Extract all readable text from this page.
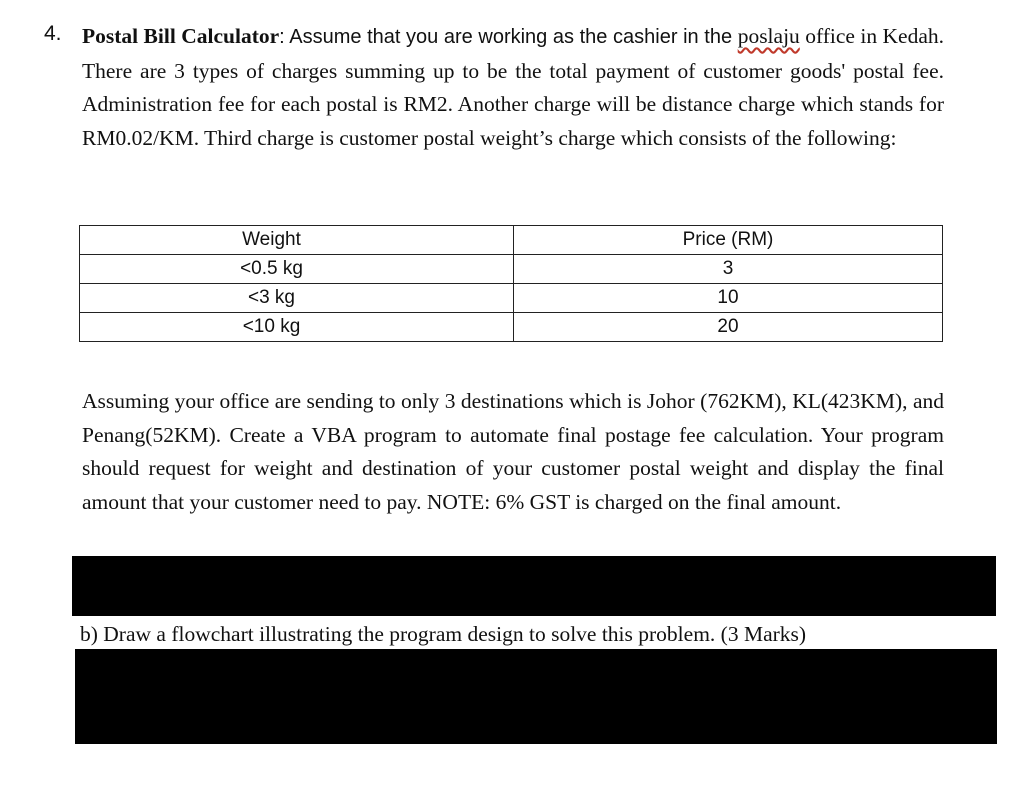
4. Postal Bill Calculator: Assume that you are working as the cashier in the poslaju office in Kedah. There are 3 types of charges summing up to be the total payment of customer goods' postal fee. Administration fee for each postal is RM2. Another charge will be distance charge which stands for RM0.02/KM. Third charge is customer postal weight’s charge which consists of the following:
Weight	Price (RM)
<0.5 kg	3
<3 kg	10
<10 kg	20
Assuming your office are sending to only 3 destinations which is Johor (762KM), KL(423KM), and Penang(52KM). Create a VBA program to automate final postage fee calculation. Your program should request for weight and destination of your customer postal weight and display the final amount that your customer need to pay. NOTE: 6% GST is charged on the final amount.
b) Draw a flowchart illustrating the program design to solve this problem. (3 Marks)
